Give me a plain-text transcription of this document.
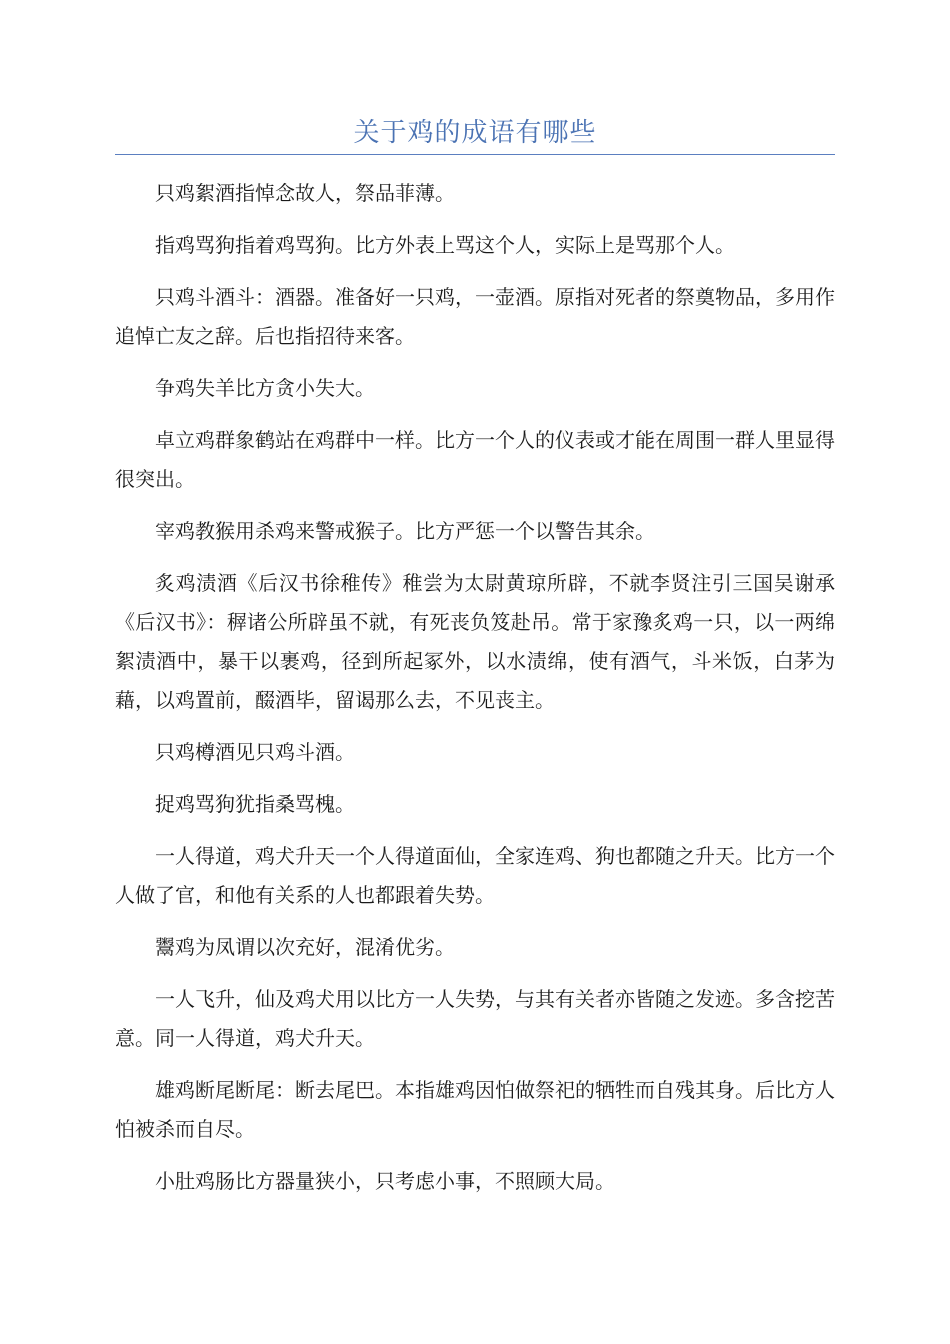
关于鸡的成语有哪些

只鸡絮酒指悼念故人，祭品菲薄。

指鸡骂狗指着鸡骂狗。比方外表上骂这个人，实际上是骂那个人。

只鸡斗酒斗：酒器。准备好一只鸡，一壶酒。原指对死者的祭奠物品，多用作追悼亡友之辞。后也指招待来客。

争鸡失羊比方贪小失大。

卓立鸡群象鹤站在鸡群中一样。比方一个人的仪表或才能在周围一群人里显得很突出。

宰鸡教猴用杀鸡来警戒猴子。比方严惩一个以警告其余。

炙鸡渍酒《后汉书徐稚传》稚尝为太尉黄琼所辟，不就李贤注引三国吴谢承《后汉书》：稺诸公所辟虽不就，有死丧负笈赴吊。常于家豫炙鸡一只，以一两绵絮渍酒中，暴干以裹鸡，径到所起冢外，以水渍绵，使有酒气，斗米饭，白茅为藉，以鸡置前，醊酒毕，留谒那么去，不见丧主。

只鸡樽酒见只鸡斗酒。

捉鸡骂狗犹指桑骂槐。

一人得道，鸡犬升天一个人得道面仙，全家连鸡、狗也都随之升天。比方一个人做了官，和他有关系的人也都跟着失势。

鬻鸡为凤谓以次充好，混淆优劣。

一人飞升，仙及鸡犬用以比方一人失势，与其有关者亦皆随之发迹。多含挖苦意。同一人得道，鸡犬升天。

雄鸡断尾断尾：断去尾巴。本指雄鸡因怕做祭祀的牺牲而自残其身。后比方人怕被杀而自尽。

小肚鸡肠比方器量狭小，只考虑小事，不照顾大局。
